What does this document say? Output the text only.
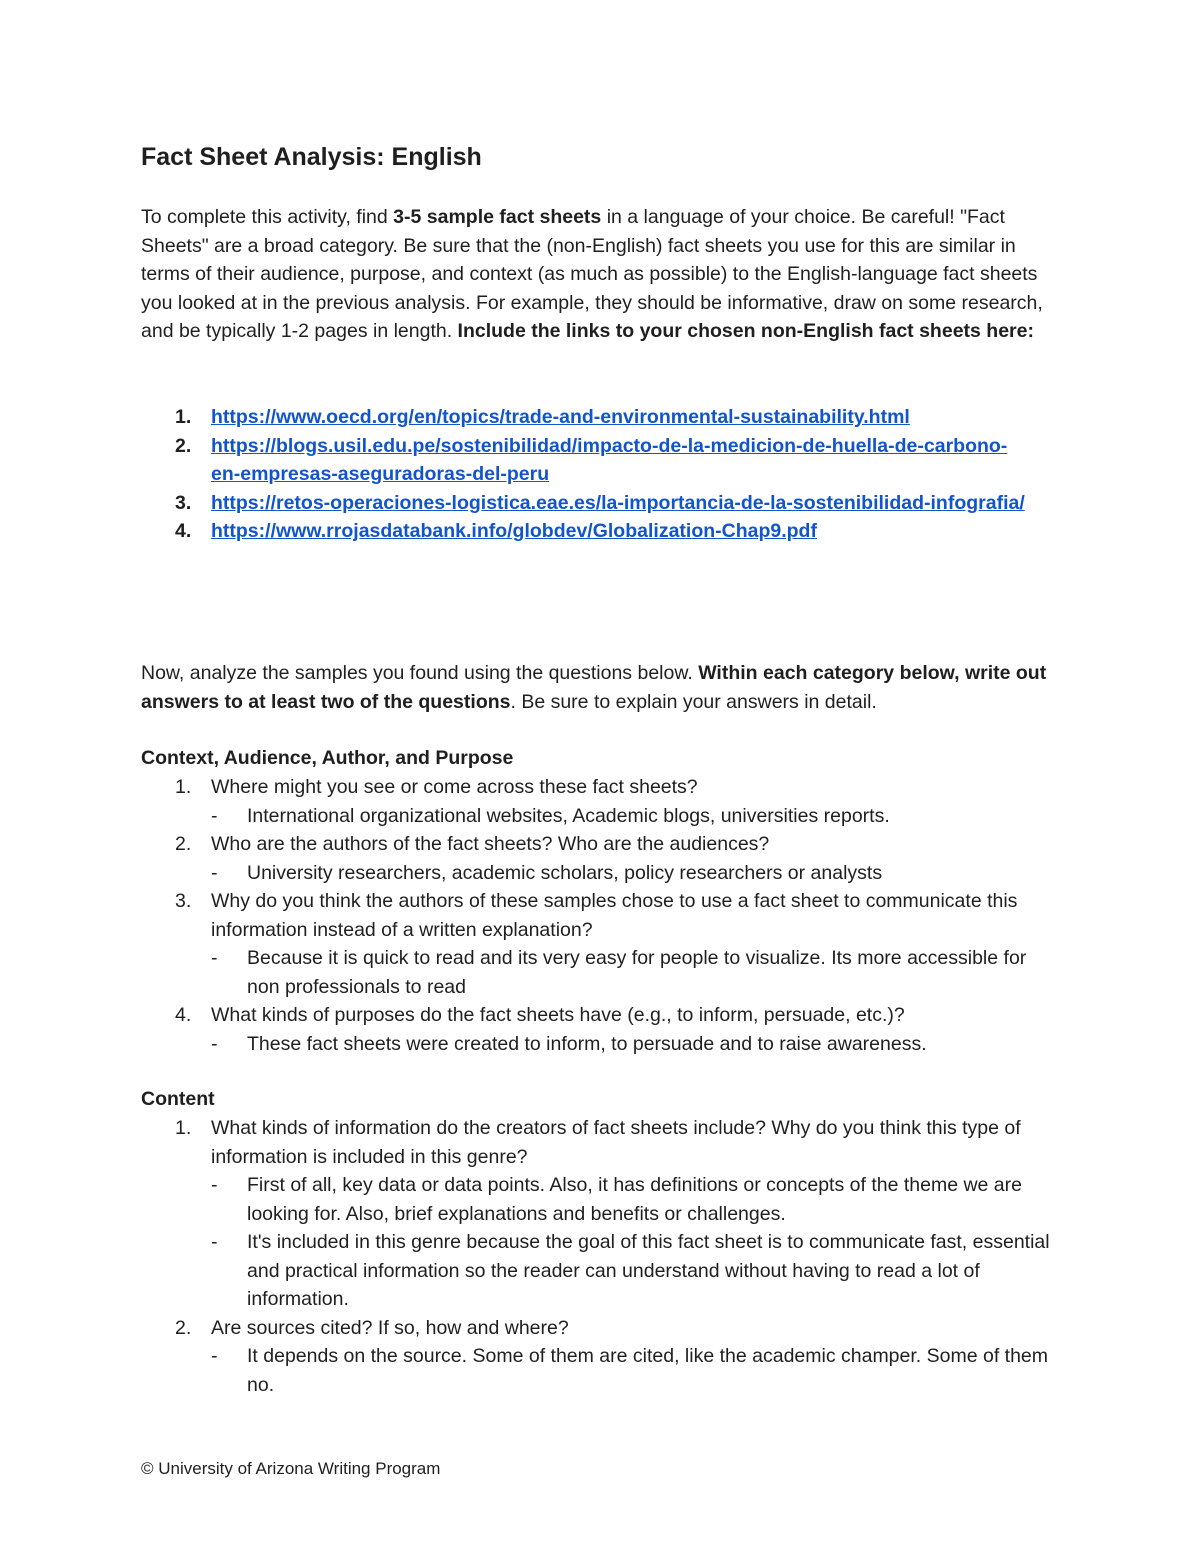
Fact Sheet Analysis: English

To complete this activity, find 3-5 sample fact sheets in a language of your choice. Be careful! "Fact Sheets" are a broad category. Be sure that the (non-English) fact sheets you use for this are similar in terms of their audience, purpose, and context (as much as possible) to the English-language fact sheets you looked at in the previous analysis. For example, they should be informative, draw on some research, and be typically 1-2 pages in length. Include the links to your chosen non-English fact sheets here:

1. https://www.oecd.org/en/topics/trade-and-environmental-sustainability.html
2. https://blogs.usil.edu.pe/sostenibilidad/impacto-de-la-medicion-de-huella-de-carbono-en-empresas-aseguradoras-del-peru
3. https://retos-operaciones-logistica.eae.es/la-importancia-de-la-sostenibilidad-infografia/
4. https://www.rrojasdatabank.info/globdev/Globalization-Chap9.pdf

Now, analyze the samples you found using the questions below. Within each category below, write out answers to at least two of the questions. Be sure to explain your answers in detail.

Context, Audience, Author, and Purpose

1. Where might you see or come across these fact sheets?
- International organizational websites, Academic blogs, universities reports.
2. Who are the authors of the fact sheets? Who are the audiences?
- University researchers, academic scholars, policy researchers or analysts
3. Why do you think the authors of these samples chose to use a fact sheet to communicate this information instead of a written explanation?
- Because it is quick to read and its very easy for people to visualize. Its more accessible for non professionals to read
4. What kinds of purposes do the fact sheets have (e.g., to inform, persuade, etc.)?
- These fact sheets were created to inform, to persuade and to raise awareness.

Content

1. What kinds of information do the creators of fact sheets include? Why do you think this type of information is included in this genre?
- First of all, key data or data points. Also, it has definitions or concepts of the theme we are looking for. Also, brief explanations and benefits or challenges.
- It's included in this genre because the goal of this fact sheet is to communicate fast, essential and practical information so the reader can understand without having to read a lot of information.
2. Are sources cited? If so, how and where?
- It depends on the source. Some of them are cited, like the academic champer. Some of them no.
© University of Arizona Writing Program
